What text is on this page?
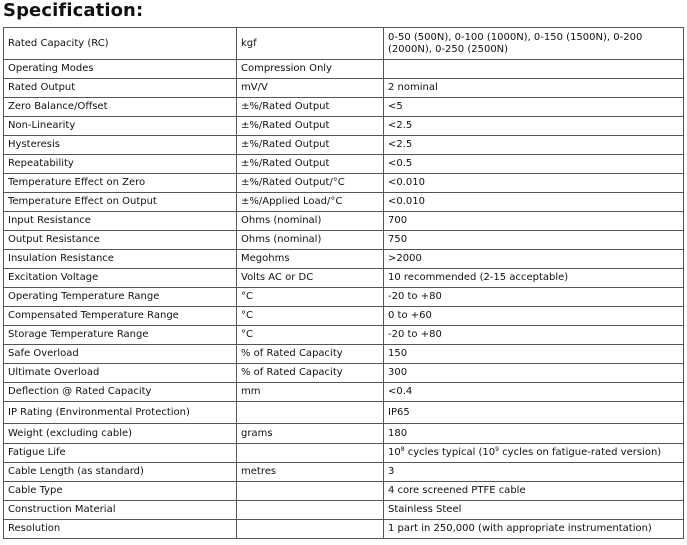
Specification:
Rated Capacity (RC)	kgf	0-50 (500N), 0-100 (1000N), 0-150 (1500N), 0-200 (2000N), 0-250 (2500N)
Operating Modes	Compression Only	
Rated Output	mV/V	2 nominal
Zero Balance/Offset	±%/Rated Output	<5
Non-Linearity	±%/Rated Output	<2.5
Hysteresis	±%/Rated Output	<2.5
Repeatability	±%/Rated Output	<0.5
Temperature Effect on Zero	±%/Rated Output/°C	<0.010
Temperature Effect on Output	±%/Applied Load/°C	<0.010
Input Resistance	Ohms (nominal)	700
Output Resistance	Ohms (nominal)	750
Insulation Resistance	Megohms	>2000
Excitation Voltage	Volts AC or DC	10 recommended (2-15 acceptable)
Operating Temperature Range	°C	-20 to +80
Compensated Temperature Range	°C	0 to +60
Storage Temperature Range	°C	-20 to +80
Safe Overload	% of Rated Capacity	150
Ultimate Overload	% of Rated Capacity	300
Deflection @ Rated Capacity	mm	<0.4
IP Rating (Environmental Protection)		IP65
Weight (excluding cable)	grams	180
Fatigue Life		$10^8$ cycles typical ($10^9$ cycles on fatigue-rated version)
Cable Length (as standard)	metres	3
Cable Type		4 core screened PTFE cable
Construction Material		Stainless Steel
Resolution		1 part in 250,000 (with appropriate instrumentation)
